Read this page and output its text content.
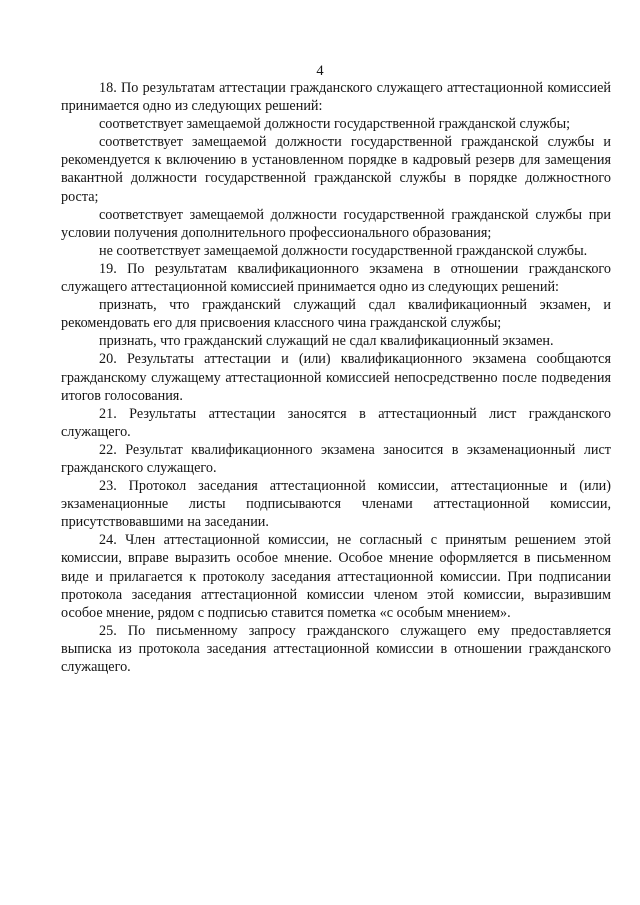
4

18. По результатам аттестации гражданского служащего аттестационной комиссией принимается одно из следующих решений:

соответствует замещаемой должности государственной гражданской службы;

соответствует замещаемой должности государственной гражданской службы и рекомендуется к включению в установленном порядке в кадровый резерв для замещения вакантной должности государственной гражданской службы в порядке должностного роста;

соответствует замещаемой должности государственной гражданской службы при условии получения дополнительного профессионального образования;

не соответствует замещаемой должности государственной гражданской службы.

19. По результатам квалификационного экзамена в отношении гражданского служащего аттестационной комиссией принимается одно из следующих решений:

признать, что гражданский служащий сдал квалификационный экзамен, и рекомендовать его для присвоения классного чина гражданской службы;

признать, что гражданский служащий не сдал квалификационный экзамен.

20. Результаты аттестации и (или) квалификационного экзамена сообщаются гражданскому служащему аттестационной комиссией непосредственно после подведения итогов голосования.

21. Результаты аттестации заносятся в аттестационный лист гражданского служащего.

22. Результат квалификационного экзамена заносится в экзаменационный лист гражданского служащего.

23. Протокол заседания аттестационной комиссии, аттестационные и (или) экзаменационные листы подписываются членами аттестационной комиссии, присутствовавшими на заседании.

24. Член аттестационной комиссии, не согласный с принятым решением этой комиссии, вправе выразить особое мнение. Особое мнение оформляется в письменном виде и прилагается к протоколу заседания аттестационной комиссии. При подписании протокола заседания аттестационной комиссии членом этой комиссии, выразившим особое мнение, рядом с подписью ставится пометка «с особым мнением».

25. По письменному запросу гражданского служащего ему предоставляется выписка из протокола заседания аттестационной комиссии в отношении гражданского служащего.
